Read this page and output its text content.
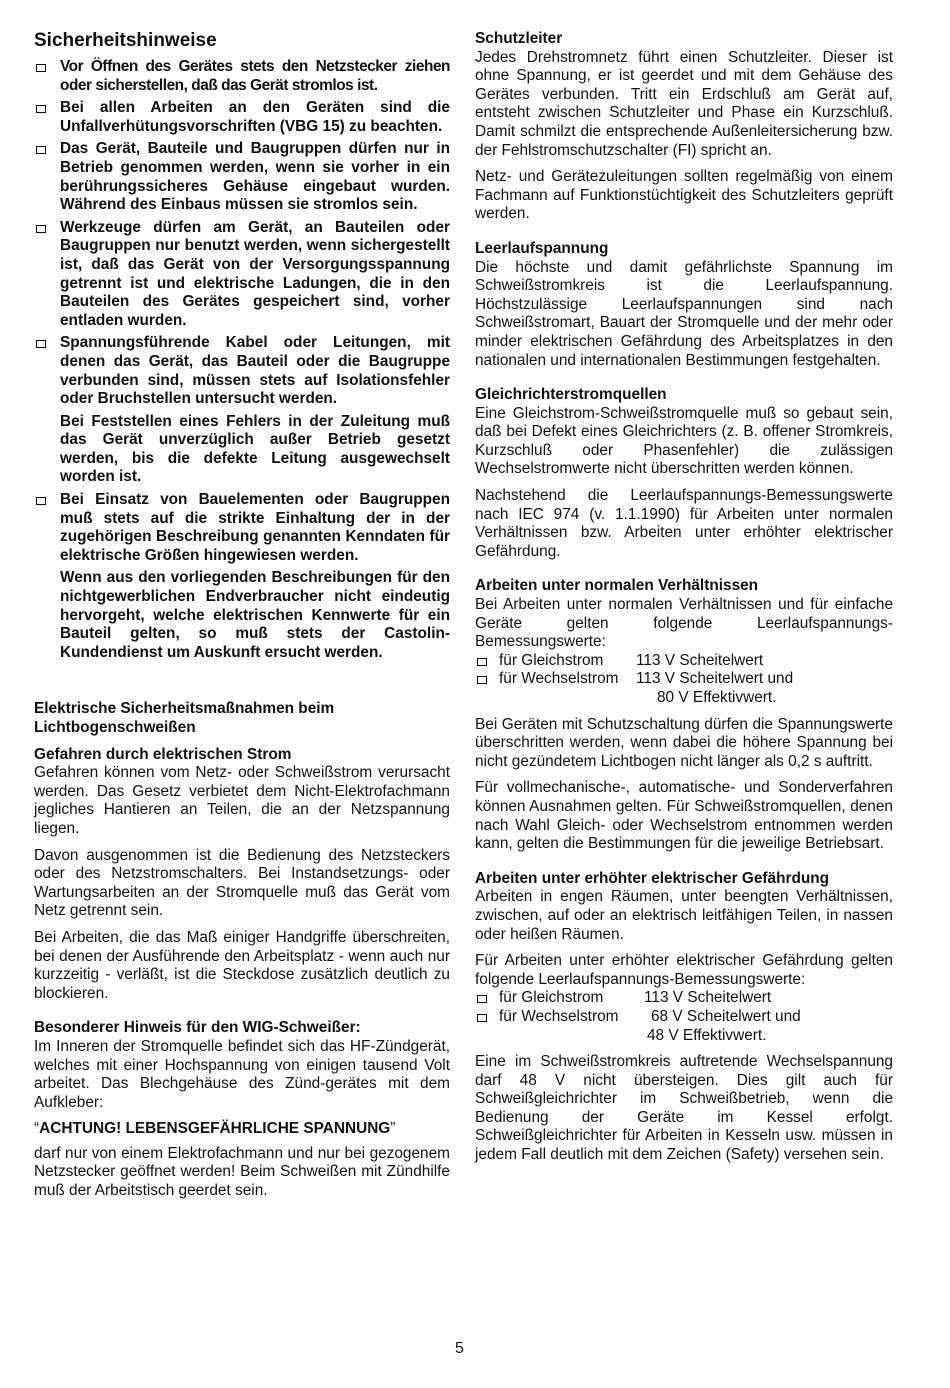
Sicherheitshinweise
Vor Öffnen des Gerätes stets den Netzstecker ziehen oder sicherstellen, daß das Gerät stromlos ist.
Bei allen Arbeiten an den Geräten sind die Unfallverhütungsvorschriften (VBG 15) zu beachten.
Das Gerät, Bauteile und Baugruppen dürfen nur in Betrieb genommen werden, wenn sie vorher in ein berührungssicheres Gehäuse eingebaut wurden. Während des Einbaus müssen sie stromlos sein.
Werkzeuge dürfen am Gerät, an Bauteilen oder Baugruppen nur benutzt werden, wenn sichergestellt ist, daß das Gerät von der Versorgungsspannung getrennt ist und elektrische Ladungen, die in den Bauteilen des Gerätes gespeichert sind, vorher entladen wurden.
Spannungsführende Kabel oder Leitungen, mit denen das Gerät, das Bauteil oder die Baugruppe verbunden sind, müssen stets auf Isolationsfehler oder Bruchstellen untersucht werden.
Bei Feststellen eines Fehlers in der Zuleitung muß das Gerät unverzüglich außer Betrieb gesetzt werden, bis die defekte Leitung ausgewechselt worden ist.
Bei Einsatz von Bauelementen oder Baugruppen muß stets auf die strikte Einhaltung der in der zugehörigen Beschreibung genannten Kenndaten für elektrische Größen hingewiesen werden.
Wenn aus den vorliegenden Beschreibungen für den nichtgewerblichen Endverbraucher nicht eindeutig hervorgeht, welche elektrischen Kennwerte für ein Bauteil gelten, so muß stets der Castolin-Kundendienst um Auskunft ersucht werden.
Elektrische Sicherheitsmaßnahmen beim
Lichtbogenschweißen
Gefahren durch elektrischen Strom

Gefahren können vom Netz- oder Schweißstrom verursacht werden. Das Gesetz verbietet dem Nicht-Elektrofachmann jegliches Hantieren an Teilen, die an der Netzspannung liegen.

Davon ausgenommen ist die Bedienung des Netzsteckers oder des Netzstromschalters. Bei Instandsetzungs- oder Wartungsarbeiten an der Stromquelle muß das Gerät vom Netz getrennt sein.

Bei Arbeiten, die das Maß einiger Handgriffe überschreiten, bei denen der Ausführende den Arbeitsplatz - wenn auch nur kurzzeitig - verläßt, ist die Steckdose zusätzlich deutlich zu blockieren.

Besonderer Hinweis für den WIG-Schweißer:

Im Inneren der Stromquelle befindet sich das HF-Zündgerät, welches mit einer Hochspannung von einigen tausend Volt arbeitet. Das Blechgehäuse des Zünd-gerätes mit dem Aufkleber:

“ACHTUNG! LEBENSGEFÄHRLICHE SPANNUNG”

darf nur von einem Elektrofachmann und nur bei gezogenem Netzstecker geöffnet werden! Beim Schweißen mit Zündhilfe muß der Arbeitstisch geerdet sein.

Schutzleiter

Jedes Drehstromnetz führt einen Schutzleiter. Dieser ist ohne Spannung, er ist geerdet und mit dem Gehäuse des Gerätes verbunden. Tritt ein Erdschluß am Gerät auf, entsteht zwischen Schutzleiter und Phase ein Kurzschluß. Damit schmilzt die entsprechende Außenleitersicherung bzw. der Fehlstromschutzschalter (FI) spricht an.

Netz- und Gerätezuleitungen sollten regelmäßig von einem Fachmann auf Funktionstüchtigkeit des Schutzleiters geprüft werden.

Leerlaufspannung

Die höchste und damit gefährlichste Spannung im Schweißstromkreis ist die Leerlaufspannung. Höchstzulässige Leerlaufspannungen sind nach Schweißstromart, Bauart der Stromquelle und der mehr oder minder elektrischen Gefährdung des Arbeitsplatzes in den nationalen und internationalen Bestimmungen festgehalten.

Gleichrichterstromquellen

Eine Gleichstrom-Schweißstromquelle muß so gebaut sein, daß bei Defekt eines Gleichrichters (z. B. offener Stromkreis, Kurzschluß oder Phasenfehler) die zulässigen Wechselstromwerte nicht überschritten werden können.

Nachstehend die Leerlaufspannungs-Bemessungswerte nach IEC 974 (v. 1.1.1990) für Arbeiten unter normalen Verhältnissen bzw. Arbeiten unter erhöhter elektrischer Gefährdung.

Arbeiten unter normalen Verhältnissen

Bei Arbeiten unter normalen Verhältnissen und für einfache Geräte gelten folgende Leerlaufspannungs-Bemessungswerte:

für Gleichstrom	113 V Scheitelwert
für Wechselstrom	113 V Scheitelwert und
80 V Effektivwert.

Bei Geräten mit Schutzschaltung dürfen die Spannungswerte überschritten werden, wenn dabei die höhere Spannung bei nicht gezündetem Lichtbogen nicht länger als 0,2 s auftritt.

Für vollmechanische-, automatische- und Sonderverfahren können Ausnahmen gelten. Für Schweißstromquellen, denen nach Wahl Gleich- oder Wechselstrom entnommen werden kann, gelten die Bestimmungen für die jeweilige Betriebsart.

Arbeiten unter erhöhter elektrischer Gefährdung

Arbeiten in engen Räumen, unter beengten Verhältnissen, zwischen, auf oder an elektrisch leitfähigen Teilen, in nassen oder heißen Räumen.

Für Arbeiten unter erhöhter elektrischer Gefährdung gelten folgende Leerlaufspannungs-Bemessungswerte:

für Gleichstrom	113 V Scheitelwert
für Wechselstrom	68 V Scheitelwert und
48 V Effektivwert.

Eine im Schweißstromkreis auftretende Wechselspannung darf 48 V nicht übersteigen. Dies gilt auch für Schweißgleichrichter im Schweißbetrieb, wenn die Bedienung der Geräte im Kessel erfolgt. Schweißgleichrichter für Arbeiten in Kesseln usw. müssen in jedem Fall deutlich mit dem Zeichen (Safety) versehen sein.

5
